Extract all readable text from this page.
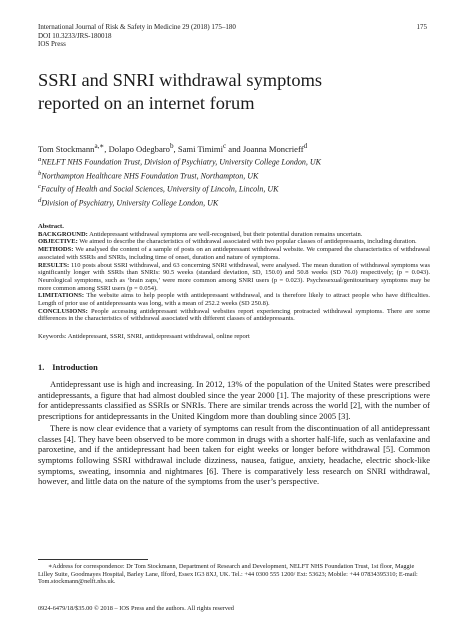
International Journal of Risk & Safety in Medicine 29 (2018) 175–180
DOI 10.3233/JRS-180018
IOS Press
175
SSRI and SNRI withdrawal symptoms
reported on an internet forum
Tom Stockmann$^{a,∗}$, Dolapo Odegbaro$^b$, Sami Timimi$^c$ and Joanna Moncrieff$^d$
$^a$NELFT NHS Foundation Trust, Division of Psychiatry, University College London, UK
$^b$Northampton Healthcare NHS Foundation Trust, Northampton, UK
$^c$Faculty of Health and Social Sciences, University of Lincoln, Lincoln, UK
$^d$Division of Psychiatry, University College London, UK

Abstract.

BACKGROUND: Antidepressant withdrawal symptoms are well-recognised, but their potential duration remains uncertain.

OBJECTIVE: We aimed to describe the characteristics of withdrawal associated with two popular classes of antidepressants, including duration.

METHODS: We analysed the content of a sample of posts on an antidepressant withdrawal website. We compared the characteristics of withdrawal associated with SSRIs and SNRIs, including time of onset, duration and nature of symptoms.

RESULTS: 110 posts about SSRI withdrawal, and 63 concerning SNRI withdrawal, were analysed. The mean duration of withdrawal symptoms was significantly longer with SSRIs than SNRIs: 90.5 weeks (standard deviation, SD, 150.0) and 50.8 weeks (SD 76.0) respectively; (p = 0.043). Neurological symptoms, such as ‘brain zaps,’ were more common among SNRI users (p = 0.023). Psychosexual/genitourinary symptoms may be more common among SSRI users (p = 0.054).

LIMITATIONS: The website aims to help people with antidepressant withdrawal, and is therefore likely to attract people who have difficulties. Length of prior use of antidepressants was long, with a mean of 252.2 weeks (SD 250.8).

CONCLUSIONS: People accessing antidepressant withdrawal websites report experiencing protracted withdrawal symptoms. There are some differences in the characteristics of withdrawal associated with different classes of antidepressants.

Keywords: Antidepressant, SSRI, SNRI, antidepressant withdrawal, online report
1. Introduction

Antidepressant use is high and increasing. In 2012, 13% of the population of the United States were prescribed antidepressants, a figure that had almost doubled since the year 2000 [1]. The majority of these prescriptions were for antidepressants classified as SSRIs or SNRIs. There are similar trends across the world [2], with the number of prescriptions for antidepressants in the United Kingdom more than doubling since 2005 [3].

There is now clear evidence that a variety of symptoms can result from the discontinuation of all antidepressant classes [4]. They have been observed to be more common in drugs with a shorter half-life, such as venlafaxine and paroxetine, and if the antidepressant had been taken for eight weeks or longer before withdrawal [5]. Common symptoms following SSRI withdrawal include dizziness, nausea, fatigue, anxiety, headache, electric shock-like symptoms, sweating, insomnia and nightmares [6]. There is comparatively less research on SNRI withdrawal, however, and little data on the nature of the symptoms from the user’s perspective.

∗Address for correspondence: Dr Tom Stockmann, Department of Research and Development, NELFT NHS Foundation Trust, 1st floor, Maggie Lilley Suite, Goodmayes Hospital, Barley Lane, Ilford, Essex IG3 8XJ, UK. Tel.: +44 0300 555 1200/ Ext: 53623; Mobile: +44 07834395310; E-mail: Tom.stockmann@nelft.nhs.uk.
0924-6479/18/$35.00 © 2018 – IOS Press and the authors. All rights reserved
